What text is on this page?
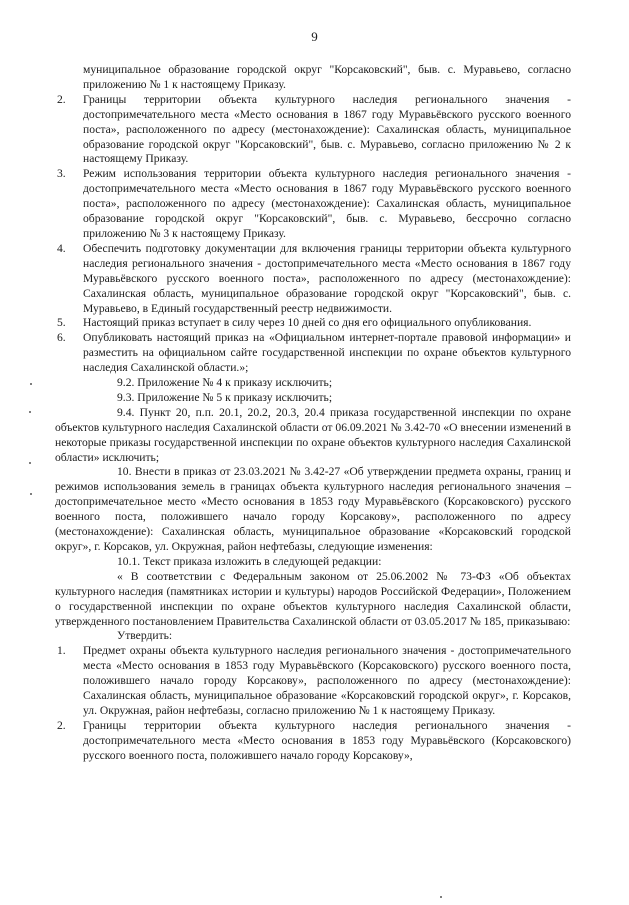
9

муниципальное образование городской округ "Корсаковский", быв. с. Муравьево, согласно приложению № 1 к настоящему Приказу.

2. Границы территории объекта культурного наследия регионального значения - достопримечательного места «Место основания в 1867 году Муравьёвского русского военного поста», расположенного по адресу (местонахождение): Сахалинская область, муниципальное образование городской округ "Корсаковский", быв. с. Муравьево, согласно приложению № 2 к настоящему Приказу.

3. Режим использования территории объекта культурного наследия регионального значения - достопримечательного места «Место основания в 1867 году Муравьёвского русского военного поста», расположенного по адресу (местонахождение): Сахалинская область, муниципальное образование городской округ "Корсаковский", быв. с. Муравьево, бессрочно согласно приложению № 3 к настоящему Приказу.

4. Обеспечить подготовку документации для включения границы территории объекта культурного наследия регионального значения - достопримечательного места «Место основания в 1867 году Муравьёвского русского военного поста», расположенного по адресу (местонахождение): Сахалинская область, муниципальное образование городской округ "Корсаковский", быв. с. Муравьево, в Единый государственный реестр недвижимости.

5. Настоящий приказ вступает в силу через 10 дней со дня его официального опубликования.

6. Опубликовать настоящий приказ на «Официальном интернет-портале правовой информации» и разместить на официальном сайте государственной инспекции по охране объектов культурного наследия Сахалинской области.»;

9.2. Приложение № 4 к приказу исключить;

9.3. Приложение № 5 к приказу исключить;

9.4. Пункт 20, п.п. 20.1, 20.2, 20.3, 20.4 приказа государственной инспекции по охране объектов культурного наследия Сахалинской области от 06.09.2021 № 3.42-70 «О внесении изменений в некоторые приказы государственной инспекции по охране объектов культурного наследия Сахалинской области» исключить;

10. Внести в приказ от 23.03.2021 № 3.42-27 «Об утверждении предмета охраны, границ и режимов использования земель в границах объекта культурного наследия регионального значения – достопримечательное место «Место основания в 1853 году Муравьёвского (Корсаковского) русского военного поста, положившего начало городу Корсакову», расположенного по адресу (местонахождение): Сахалинская область, муниципальное образование «Корсаковский городской округ», г. Корсаков, ул. Окружная, район нефтебазы, следующие изменения:

10.1. Текст приказа изложить в следующей редакции:

« В соответствии с Федеральным законом от 25.06.2002 № 73-ФЗ «Об объектах культурного наследия (памятниках истории и культуры) народов Российской Федерации», Положением о государственной инспекции по охране объектов культурного наследия Сахалинской области, утвержденного постановлением Правительства Сахалинской области от 03.05.2017 № 185, приказываю:

Утвердить:

1. Предмет охраны объекта культурного наследия регионального значения - достопримечательного места «Место основания в 1853 году Муравьёвского (Корсаковского) русского военного поста, положившего начало городу Корсакову», расположенного по адресу (местонахождение): Сахалинская область, муниципальное образование «Корсаковский городской округ», г. Корсаков, ул. Окружная, район нефтебазы, согласно приложению № 1 к настоящему Приказу.

2. Границы территории объекта культурного наследия регионального значения - достопримечательного места «Место основания в 1853 году Муравьёвского (Корсаковского) русского военного поста, положившего начало городу Корсакову»,
